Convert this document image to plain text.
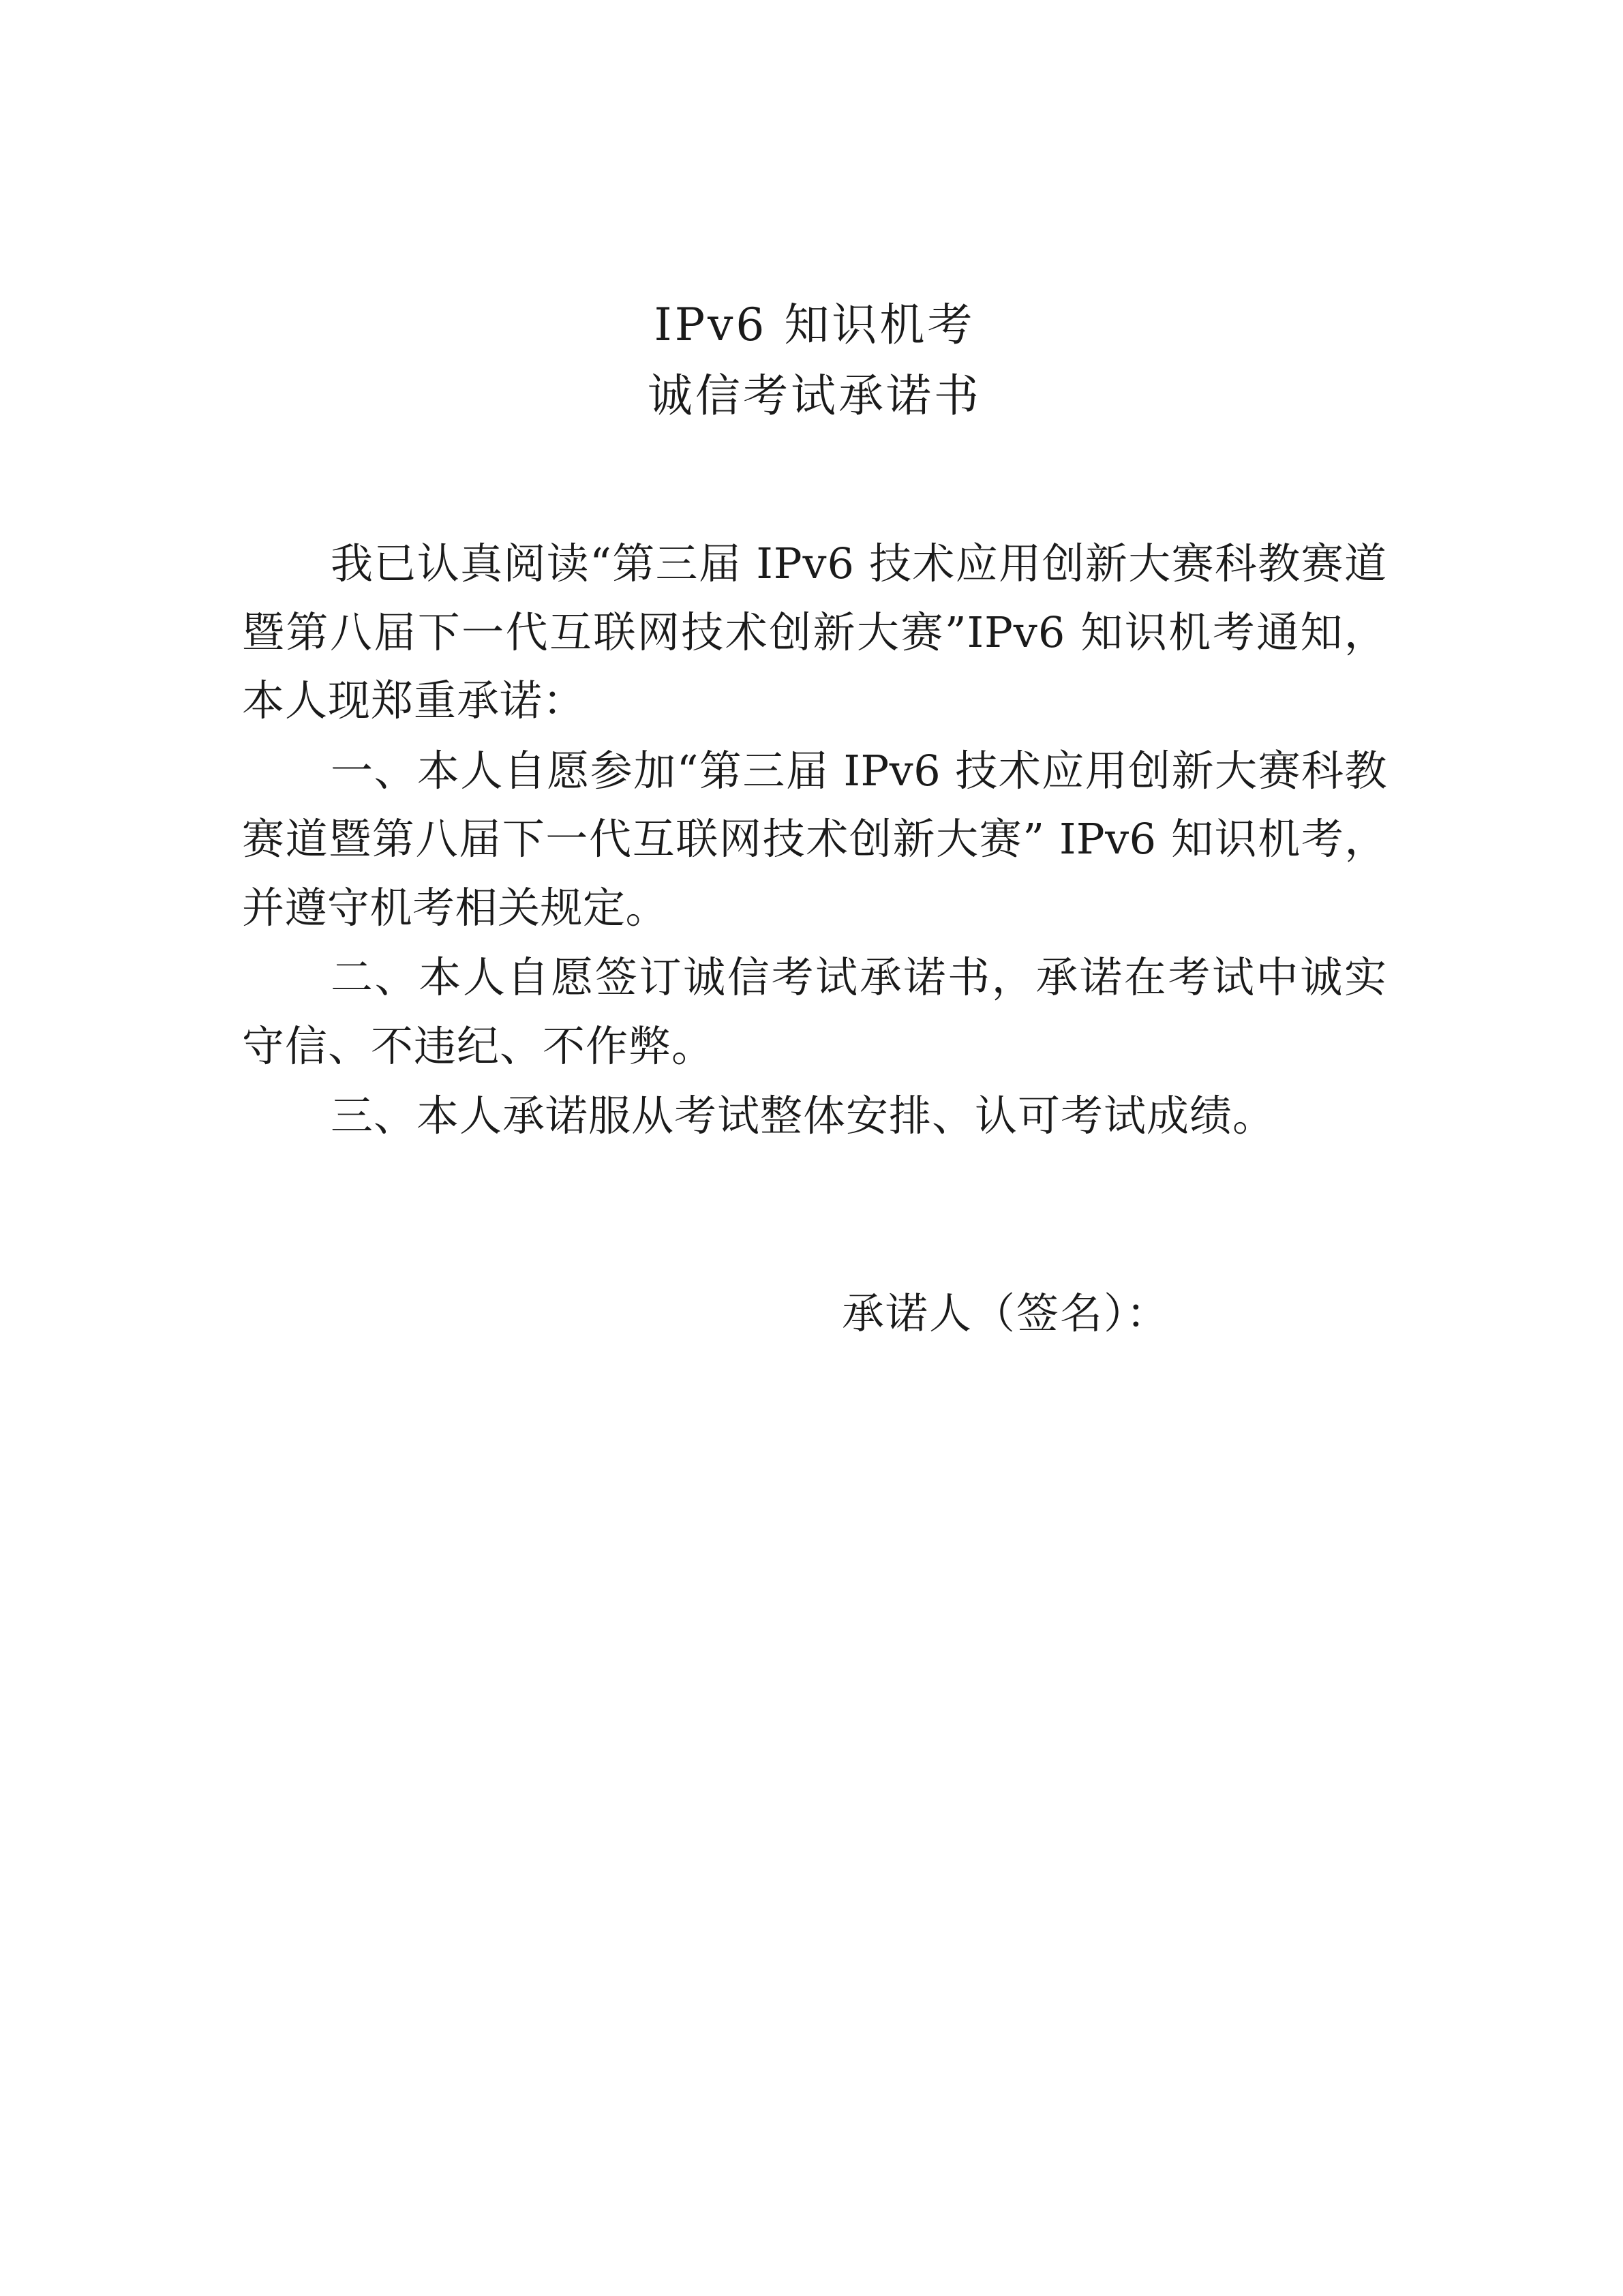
IPv6 知识机考
诚信考试承诺书

我已认真阅读“第三届 IPv6 技术应用创新大赛科教赛道暨第八届下一代互联网技术创新大赛”IPv6 知识机考通知，本人现郑重承诺：

一、本人自愿参加“第三届 IPv6 技术应用创新大赛科教赛道暨第八届下一代互联网技术创新大赛” IPv6 知识机考，并遵守机考相关规定。

二、本人自愿签订诚信考试承诺书，承诺在考试中诚实守信、不违纪、不作弊。

三、本人承诺服从考试整体安排、认可考试成绩。

承诺人（签名）：
